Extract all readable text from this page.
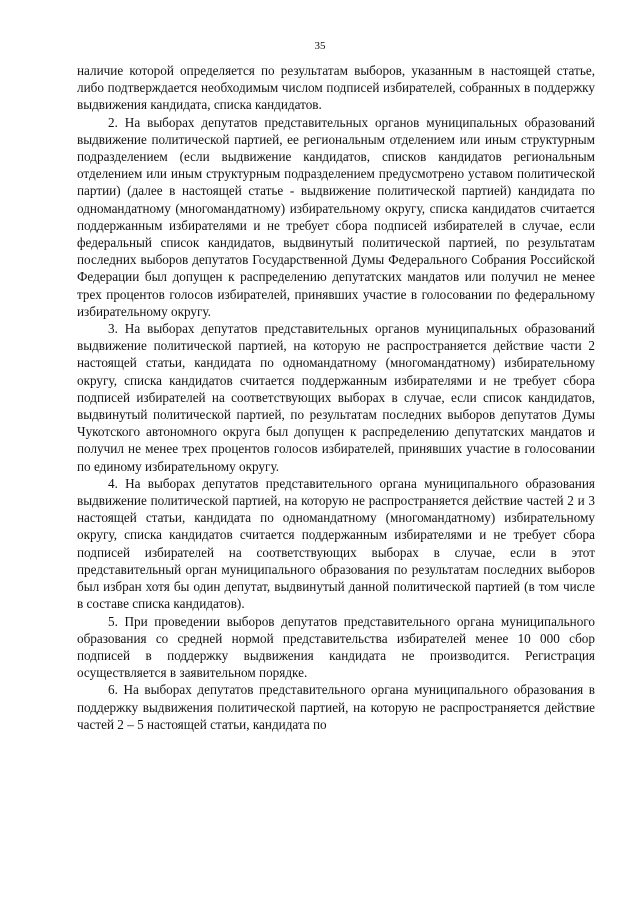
35

наличие которой определяется по результатам выборов, указанным в настоящей статье, либо подтверждается необходимым числом подписей избирателей, собранных в поддержку выдвижения кандидата, списка кандидатов.

2. На выборах депутатов представительных органов муниципальных образований выдвижение политической партией, ее региональным отделением или иным структурным подразделением (если выдвижение кандидатов, списков кандидатов региональным отделением или иным структурным подразделением предусмотрено уставом политической партии) (далее в настоящей статье - выдвижение политической партией) кандидата по одномандатному (многомандатному) избирательному округу, списка кандидатов считается поддержанным избирателями и не требует сбора подписей избирателей в случае, если федеральный список кандидатов, выдвинутый политической партией, по результатам последних выборов депутатов Государственной Думы Федерального Собрания Российской Федерации был допущен к распределению депутатских мандатов или получил не менее трех процентов голосов избирателей, принявших участие в голосовании по федеральному избирательному округу.

3. На выборах депутатов представительных органов муниципальных образований выдвижение политической партией, на которую не распространяется действие части 2 настоящей статьи, кандидата по одномандатному (многомандатному) избирательному округу, списка кандидатов считается поддержанным избирателями и не требует сбора подписей избирателей на соответствующих выборах в случае, если список кандидатов, выдвинутый политической партией, по результатам последних выборов депутатов Думы Чукотского автономного округа был допущен к распределению депутатских мандатов и получил не менее трех процентов голосов избирателей, принявших участие в голосовании по единому избирательному округу.

4. На выборах депутатов представительного органа муниципального образования выдвижение политической партией, на которую не распространяется действие частей 2 и 3 настоящей статьи, кандидата по одномандатному (многомандатному) избирательному округу, списка кандидатов считается поддержанным избирателями и не требует сбора подписей избирателей на соответствующих выборах в случае, если в этот представительный орган муниципального образования по результатам последних выборов был избран хотя бы один депутат, выдвинутый данной политической партией (в том числе в составе списка кандидатов).

5. При проведении выборов депутатов представительного органа муниципального образования со средней нормой представительства избирателей менее 10 000 сбор подписей в поддержку выдвижения кандидата не производится. Регистрация осуществляется в заявительном порядке.

6. На выборах депутатов представительного органа муниципального образования в поддержку выдвижения политической партией, на которую не распространяется действие частей 2 – 5 настоящей статьи, кандидата по
